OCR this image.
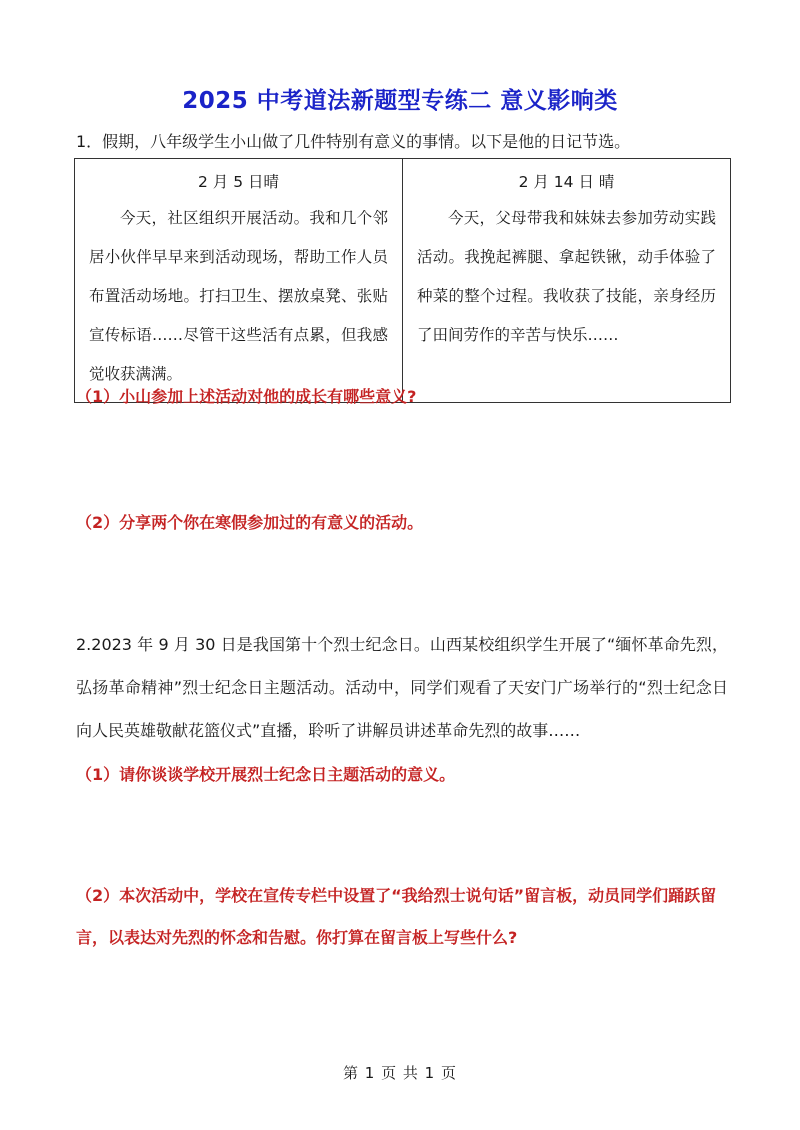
2025 中考道法新题型专练二 意义影响类
1．假期，八年级学生小山做了几件特别有意义的事情。以下是他的日记节选。
2 月 5 日晴
今天，社区组织开展活动。我和几个邻居小伙伴早早来到活动现场，帮助工作人员布置活动场地。打扫卫生、摆放桌凳、张贴宣传标语……尽管干这些活有点累，但我感觉收获满满。

2 月 14 日 晴
今天，父母带我和妹妹去参加劳动实践活动。我挽起裤腿、拿起铁锹，动手体验了种菜的整个过程。我收获了技能，亲身经历了田间劳作的辛苦与快乐……
（1）小山参加上述活动对他的成长有哪些意义?
（2）分享两个你在寒假参加过的有意义的活动。
2.2023 年 9 月 30 日是我国第十个烈士纪念日。山西某校组织学生开展了“缅怀革命先烈，弘扬革命精神”烈士纪念日主题活动。活动中，同学们观看了天安门广场举行的“烈士纪念日向人民英雄敬献花篮仪式”直播，聆听了讲解员讲述革命先烈的故事……
（1）请你谈谈学校开展烈士纪念日主题活动的意义。
（2）本次活动中，学校在宣传专栏中设置了“我给烈士说句话”留言板，动员同学们踊跃留言，以表达对先烈的怀念和告慰。你打算在留言板上写些什么?
第 1 页 共 1 页
